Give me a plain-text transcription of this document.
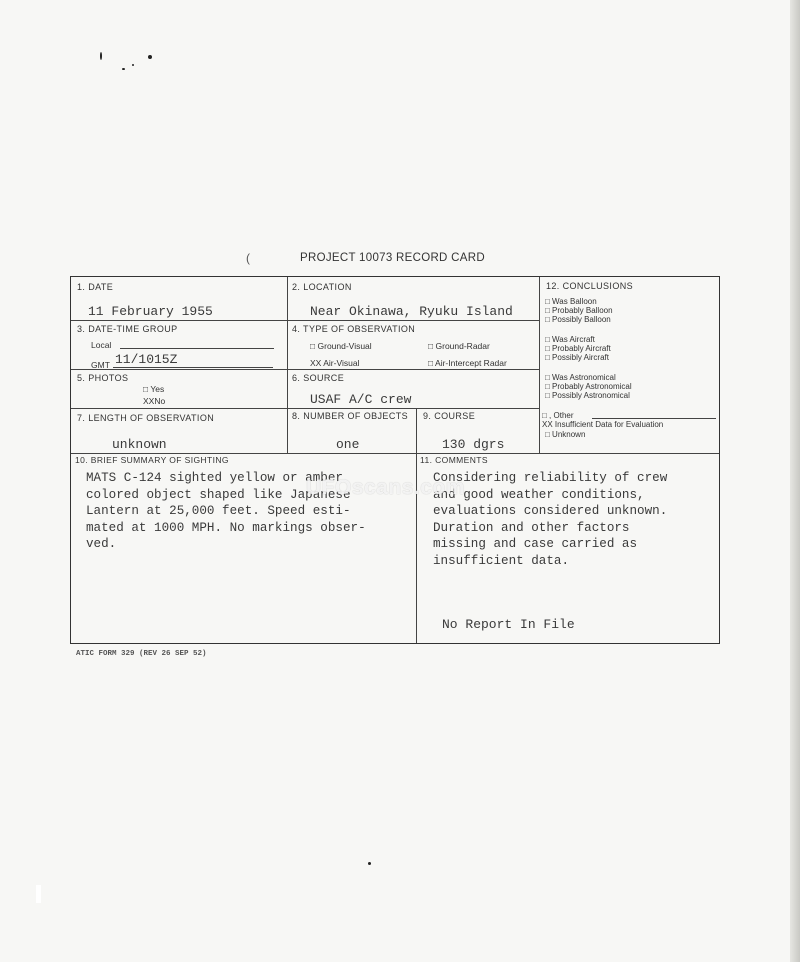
(	PROJECT 10073 RECORD CARD
1. DATE
11 February 1955
2. LOCATION
Near Okinawa, Ryuku Island
3. DATE-TIME GROUP
Local
GMT 11/1015Z
4. TYPE OF OBSERVATION
□ Ground-Visual	□ Ground-Radar
XX Air-Visual	□ Air-Intercept Radar
5. PHOTOS
□ Yes
XXNo
6. SOURCE
USAF A/C crew
7. LENGTH OF OBSERVATION
unknown
8. NUMBER OF OBJECTS
one
9. COURSE
130 dgrs
12. CONCLUSIONS
□ Was Balloon
□ Probably Balloon
□ Possibly Balloon
□ Was Aircraft
□ Probably Aircraft
□ Possibly Aircraft
□ Was Astronomical
□ Probably Astronomical
□ Possibly Astronomical
□ , Other
XX Insufficient Data for Evaluation
□ Unknown
10. BRIEF SUMMARY OF SIGHTING
MATS C-124 sighted yellow or amber
colored object shaped like Japanese
Lantern at 25,000 feet. Speed esti-
mated at 1000 MPH. No markings obser-
ved.
11. COMMENTS
Considering reliability of crew
and good weather conditions,
evaluations considered unknown.
Duration and other factors
missing and case carried as
insufficient data.
No Report In File
UFOscans.com
ATIC FORM 329 (REV 26 SEP 52)
